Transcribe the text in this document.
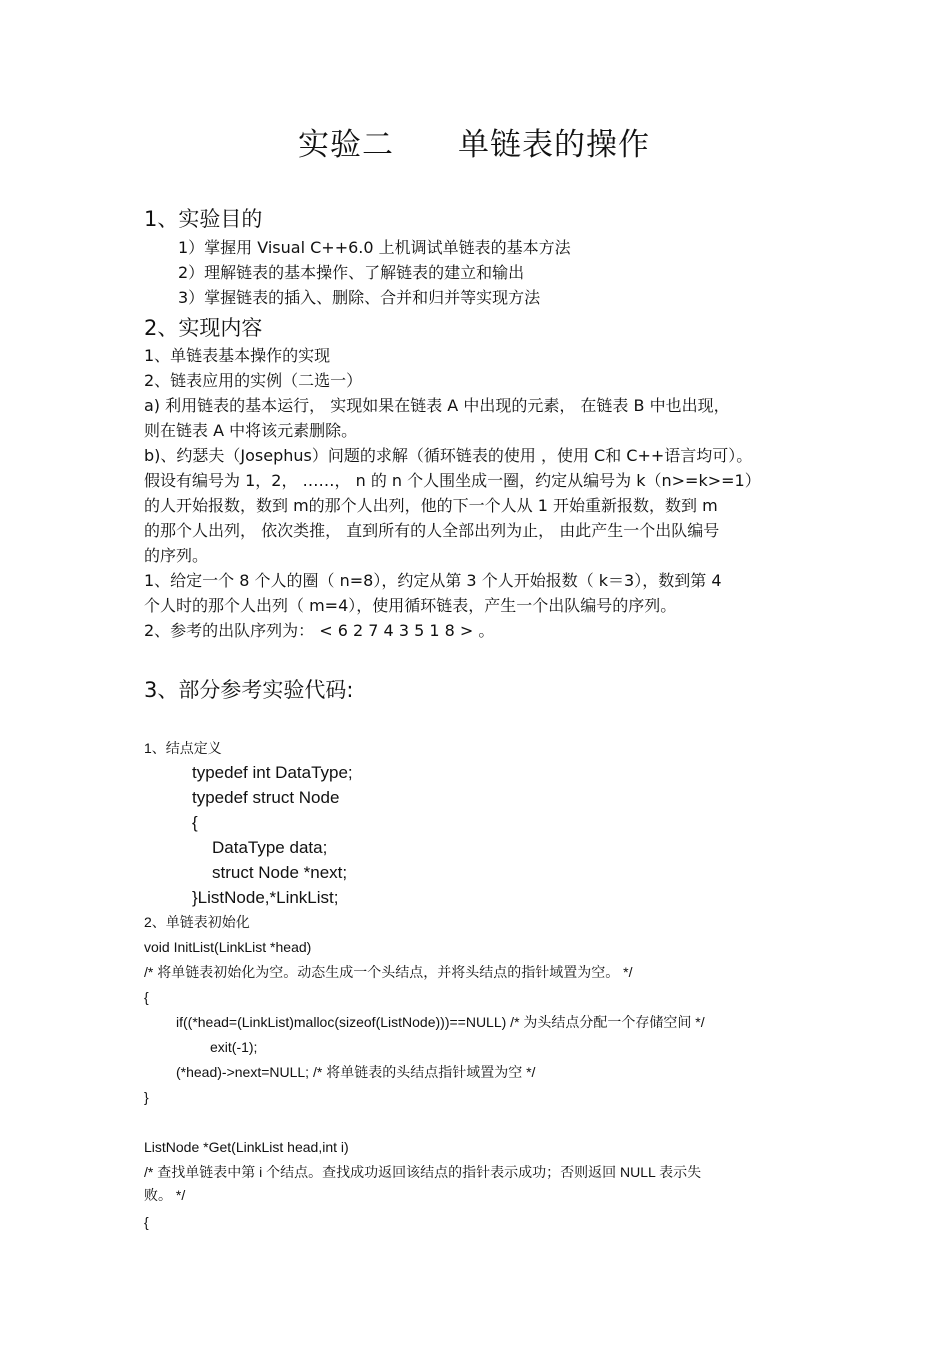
实验二　　单链表的操作
1、实验目的
1）掌握用 Visual C++6.0 上机调试单链表的基本方法
2）理解链表的基本操作、了解链表的建立和输出
3）掌握链表的插入、删除、合并和归并等实现方法
2、实现内容
1、单链表基本操作的实现
2、链表应用的实例（二选一）
a) 利用链表的基本运行， 实现如果在链表 A 中出现的元素， 在链表 B 中也出现，
则在链表 A 中将该元素删除。
b)、约瑟夫（Josephus）问题的求解（循环链表的使用 ，使用 C和 C++语言均可）。
假设有编号为 1，2， ……， n 的 n 个人围坐成一圈，约定从编号为 k（n>=k>=1）
的人开始报数，数到 m的那个人出列，他的下一个人从 1 开始重新报数，数到 m
的那个人出列， 依次类推， 直到所有的人全部出列为止， 由此产生一个出队编号
的序列。
1、给定一个 8 个人的圈（ n=8），约定从第 3 个人开始报数（ k＝3），数到第 4
个人时的那个人出列（ m=4），使用循环链表，产生一个出队编号的序列。
2、参考的出队序列为： < 6 2 7 4 3 5 1 8 > 。
3、部分参考实验代码:
1、结点定义
typedef int DataType;
typedef struct Node
{
DataType data;
struct Node *next;
}ListNode,*LinkList;
2、单链表初始化
void InitList(LinkList *head)
/* 将单链表初始化为空。动态生成一个头结点，并将头结点的指针域置为空。 */
{
if((*head=(LinkList)malloc(sizeof(ListNode)))==NULL) /* 为头结点分配一个存储空间 */
exit(-1);
(*head)->next=NULL; /* 将单链表的头结点指针域置为空 */
}
ListNode *Get(LinkList head,int i)
/* 查找单链表中第 i 个结点。查找成功返回该结点的指针表示成功；否则返回 NULL 表示失
败。 */
{
